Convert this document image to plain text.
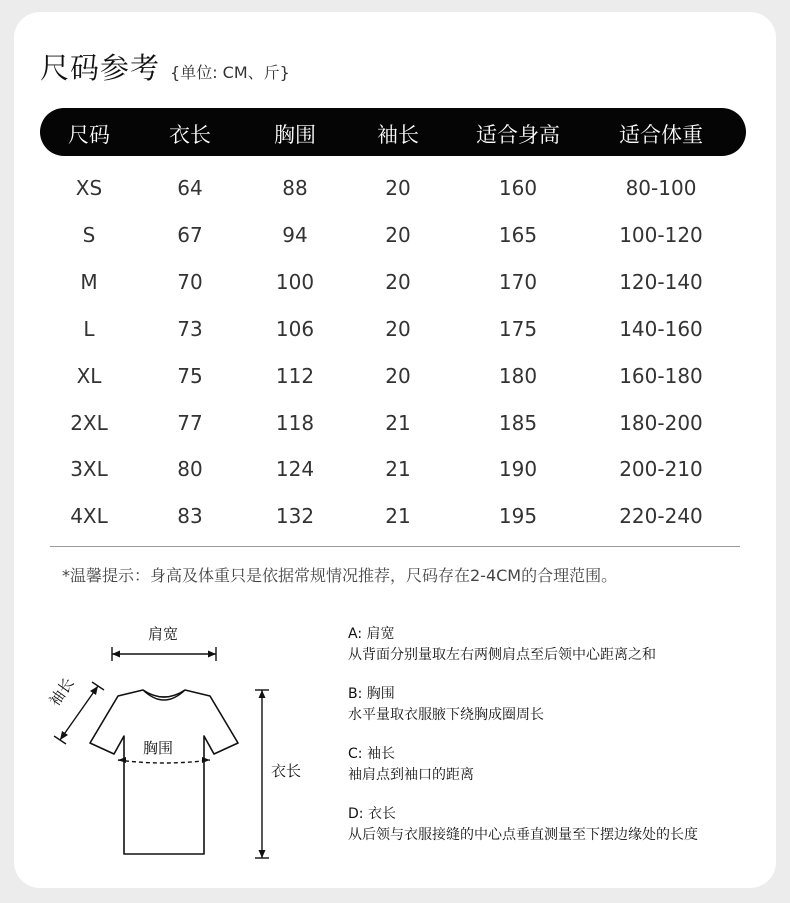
尺码参考 {单位: CM、斤}
尺码	衣长	胸围	袖长	适合身高	适合体重
XS	64	88	20	160	80-100
S	67	94	20	165	100-120
M	70	100	20	170	120-140
L	73	106	20	175	140-160
XL	75	112	20	180	160-180
2XL	77	118	21	185	180-200
3XL	80	124	21	190	200-210
4XL	83	132	21	195	220-240
*温馨提示：身高及体重只是依据常规情况推荐，尺码存在2-4CM的合理范围。
肩宽
袖长
胸围
衣长
A: 肩宽
从背面分别量取左右两侧肩点至后领中心距离之和
B: 胸围
水平量取衣服腋下绕胸成圈周长
C: 袖长
袖肩点到袖口的距离
D: 衣长
从后领与衣服接缝的中心点垂直测量至下摆边缘处的长度
